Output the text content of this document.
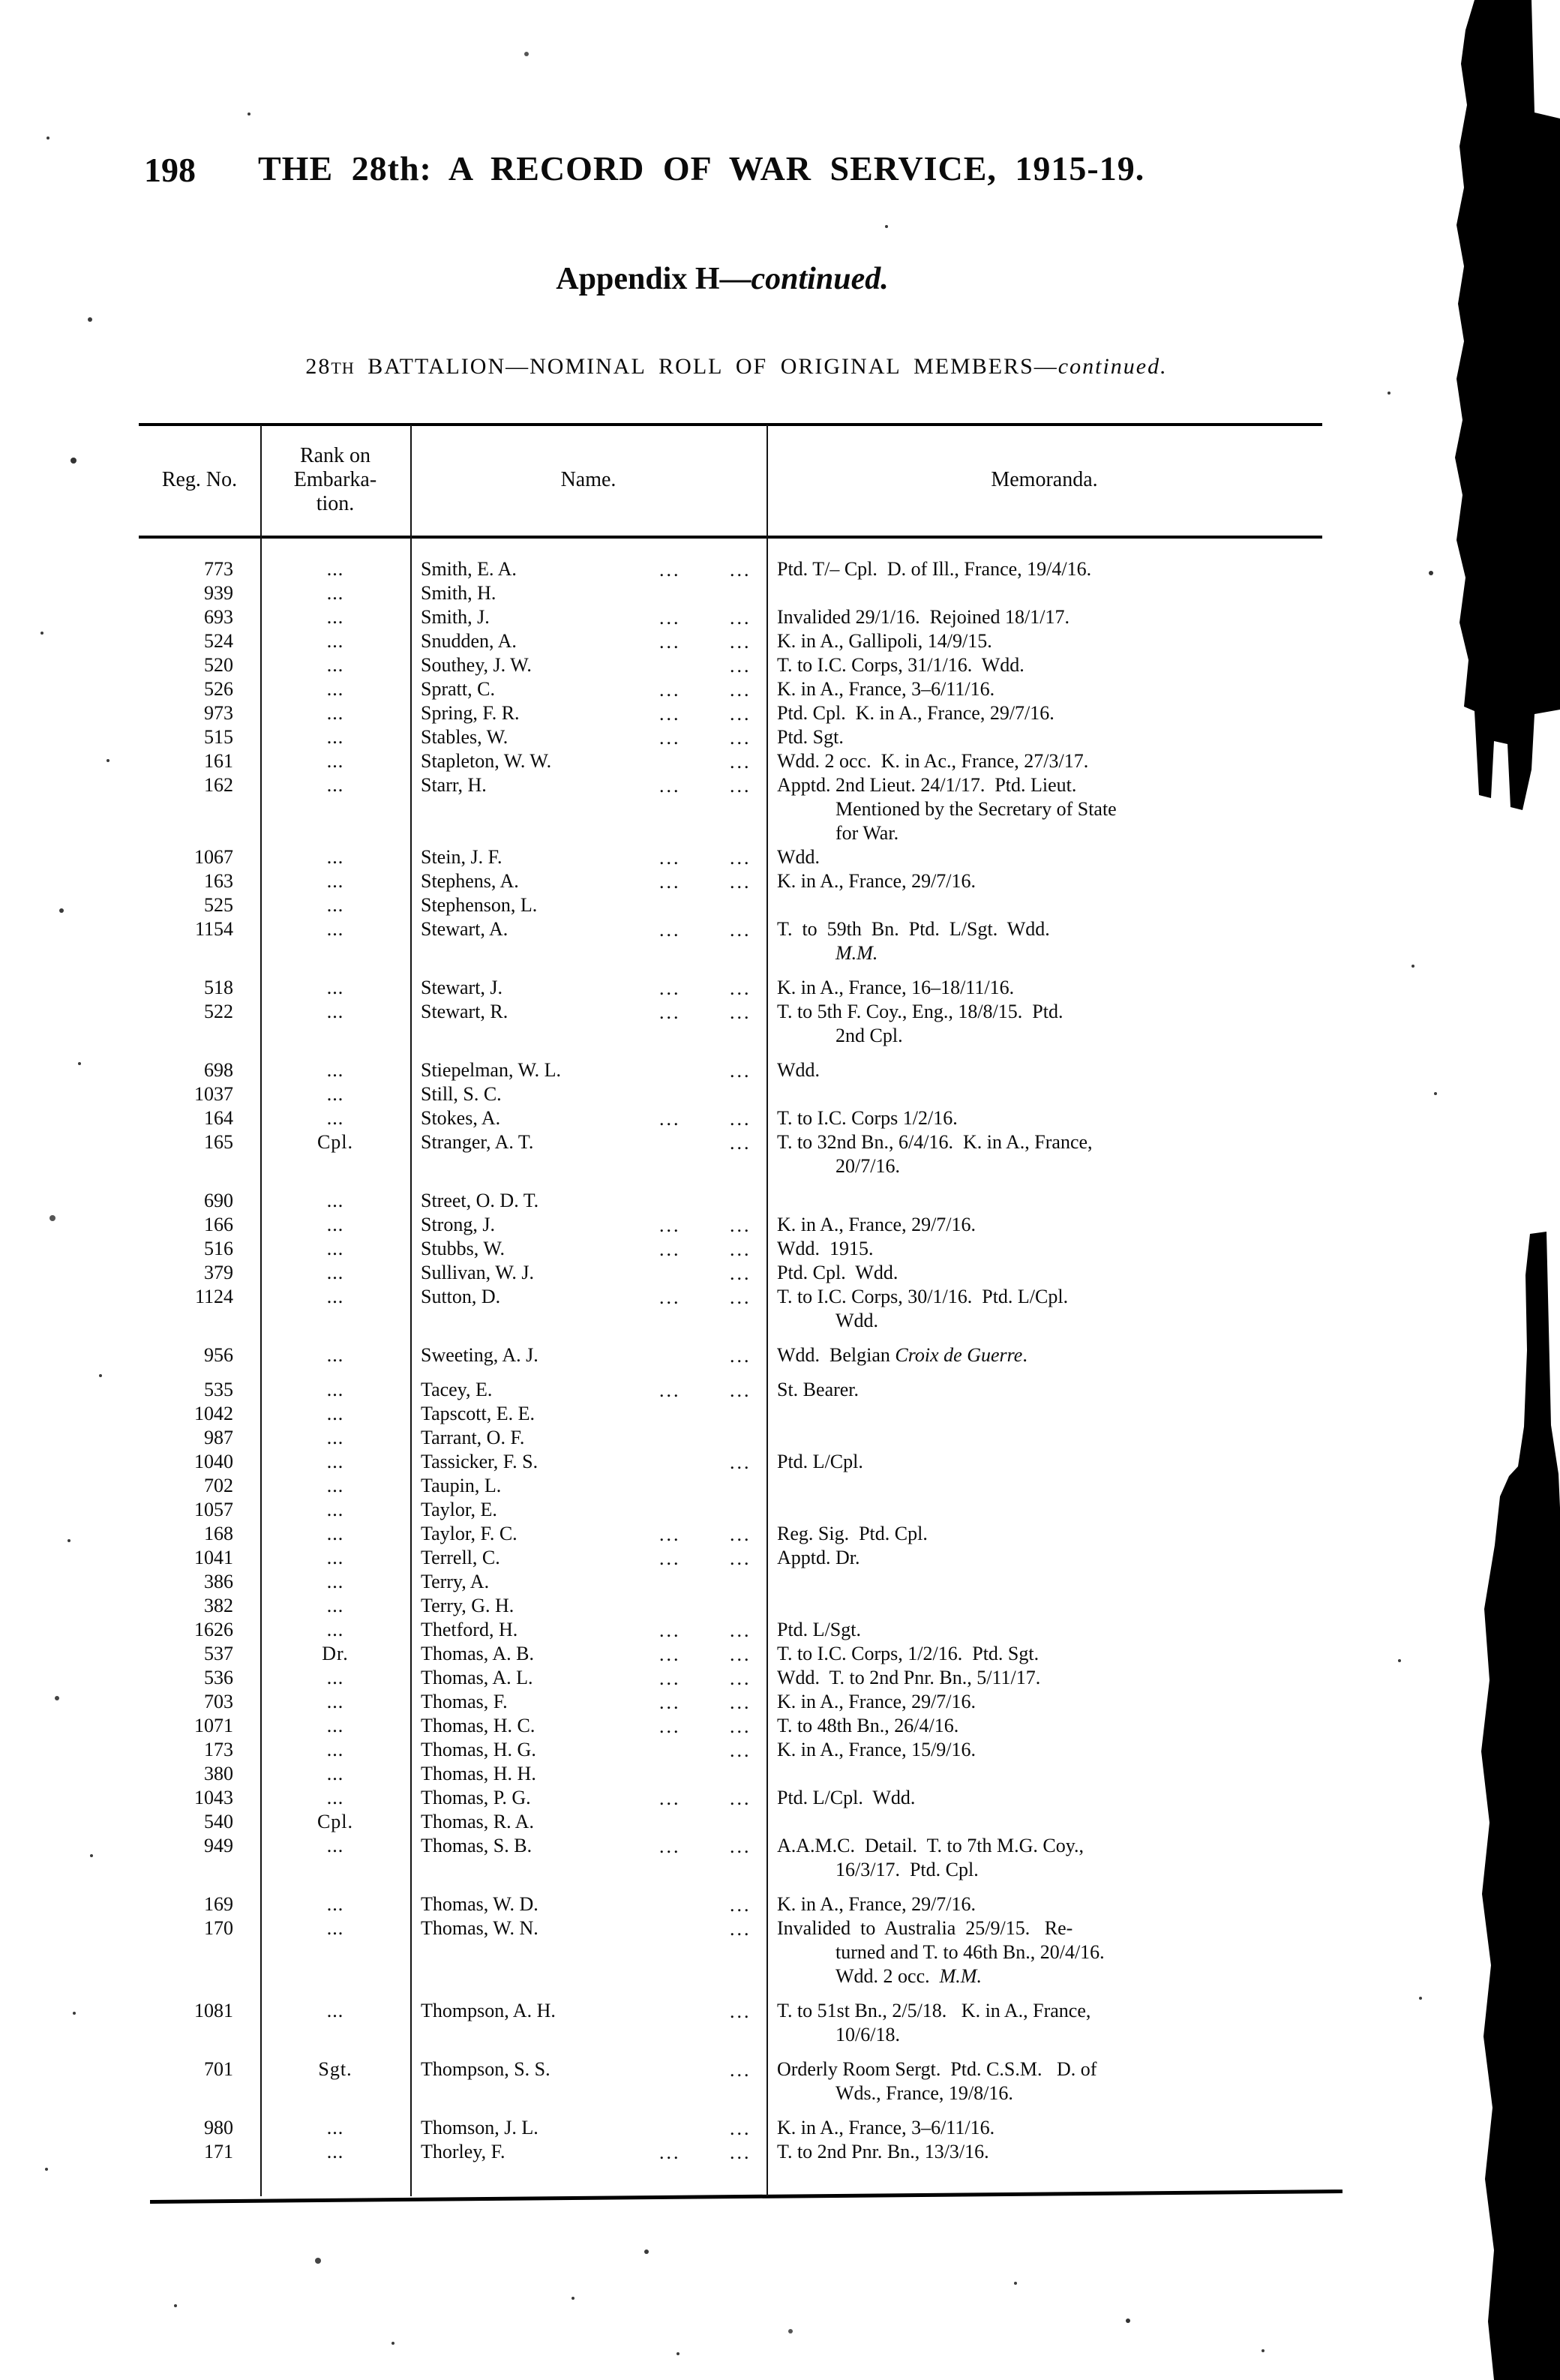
198 THE 28th: A RECORD OF WAR SERVICE, 1915-19.
Appendix H—continued.
28TH BATTALION—NOMINAL ROLL OF ORIGINAL MEMBERS—continued.
Reg. No.
Rank on
Embarka-
tion.
Name.	Memoranda.
773	...	Smith, E. A.	...	...	Ptd. T/– Cpl.  D. of Ill., France, 19/4/16.
939	...	Smith, H.
693	...	Smith, J.	...	...	Invalided 29/1/16.  Rejoined 18/1/17.
524	...	Snudden, A.	...	...	K. in A., Gallipoli, 14/9/15.
520	...	Southey, J. W.	...	T. to I.C. Corps, 31/1/16.  Wdd.
526	...	Spratt, C.	...	...	K. in A., France, 3–6/11/16.
973	...	Spring, F. R.	...	...	Ptd. Cpl.  K. in A., France, 29/7/16.
515	...	Stables, W.	...	...	Ptd. Sgt.
161	...	Stapleton, W. W.	...	Wdd. 2 occ.  K. in Ac., France, 27/3/17.
162	...	Starr, H.	...	...	Apptd. 2nd Lieut. 24/1/17.  Ptd. Lieut.
Mentioned by the Secretary of State
for War.
1067	...	Stein, J. F.	...	...	Wdd.
163	...	Stephens, A.	...	...	K. in A., France, 29/7/16.
525	...	Stephenson, L.
1154	...	Stewart, A.	...	...	T.  to  59th  Bn.  Ptd.  L/Sgt.  Wdd.
M.M.
518	...	Stewart, J.	...	...	K. in A., France, 16–18/11/16.
522	...	Stewart, R.	...	...	T. to 5th F. Coy., Eng., 18/8/15.  Ptd.
2nd Cpl.
698	...	Stiepelman, W. L.	...	Wdd.
1037	...	Still, S. C.
164	...	Stokes, A.	...	...	T. to I.C. Corps 1/2/16.
165	Cpl.	Stranger, A. T.	...	T. to 32nd Bn., 6/4/16.  K. in A., France,
20/7/16.
690	...	Street, O. D. T.
166	...	Strong, J.	...	...	K. in A., France, 29/7/16.
516	...	Stubbs, W.	...	...	Wdd.  1915.
379	...	Sullivan, W. J.	...	Ptd. Cpl.  Wdd.
1124	...	Sutton, D.	...	...	T. to I.C. Corps, 30/1/16.  Ptd. L/Cpl.
Wdd.
956	...	Sweeting, A. J.	...	Wdd.  Belgian Croix de Guerre.
535	...	Tacey, E.	...	...	St. Bearer.
1042	...	Tapscott, E. E.
987	...	Tarrant, O. F.
1040	...	Tassicker, F. S.	...	Ptd. L/Cpl.
702	...	Taupin, L.
1057	...	Taylor, E.
168	...	Taylor, F. C.	...	...	Reg. Sig.  Ptd. Cpl.
1041	...	Terrell, C.	...	...	Apptd. Dr.
386	...	Terry, A.
382	...	Terry, G. H.
1626	...	Thetford, H.	...	...	Ptd. L/Sgt.
537	Dr.	Thomas, A. B.	...	...	T. to I.C. Corps, 1/2/16.  Ptd. Sgt.
536	...	Thomas, A. L.	...	...	Wdd.  T. to 2nd Pnr. Bn., 5/11/17.
703	...	Thomas, F.	...	...	K. in A., France, 29/7/16.
1071	...	Thomas, H. C.	...	...	T. to 48th Bn., 26/4/16.
173	...	Thomas, H. G.	...	K. in A., France, 15/9/16.
380	...	Thomas, H. H.
1043	...	Thomas, P. G.	...	...	Ptd. L/Cpl.  Wdd.
540	Cpl.	Thomas, R. A.
949	...	Thomas, S. B.	...	...	A.A.M.C.  Detail.  T. to 7th M.G. Coy.,
16/3/17.  Ptd. Cpl.
169	...	Thomas, W. D.	...	K. in A., France, 29/7/16.
170	...	Thomas, W. N.	...	Invalided  to  Australia  25/9/15.   Re-
turned and T. to 46th Bn., 20/4/16.
Wdd. 2 occ.  M.M.
1081	...	Thompson, A. H.	...	T. to 51st Bn., 2/5/18.   K. in A., France,
10/6/18.
701	Sgt.	Thompson, S. S.	...	Orderly Room Sergt.  Ptd. C.S.M.   D. of
Wds., France, 19/8/16.
980	...	Thomson, J. L.	...	K. in A., France, 3–6/11/16.
171	...	Thorley, F.	...	...	T. to 2nd Pnr. Bn., 13/3/16.
